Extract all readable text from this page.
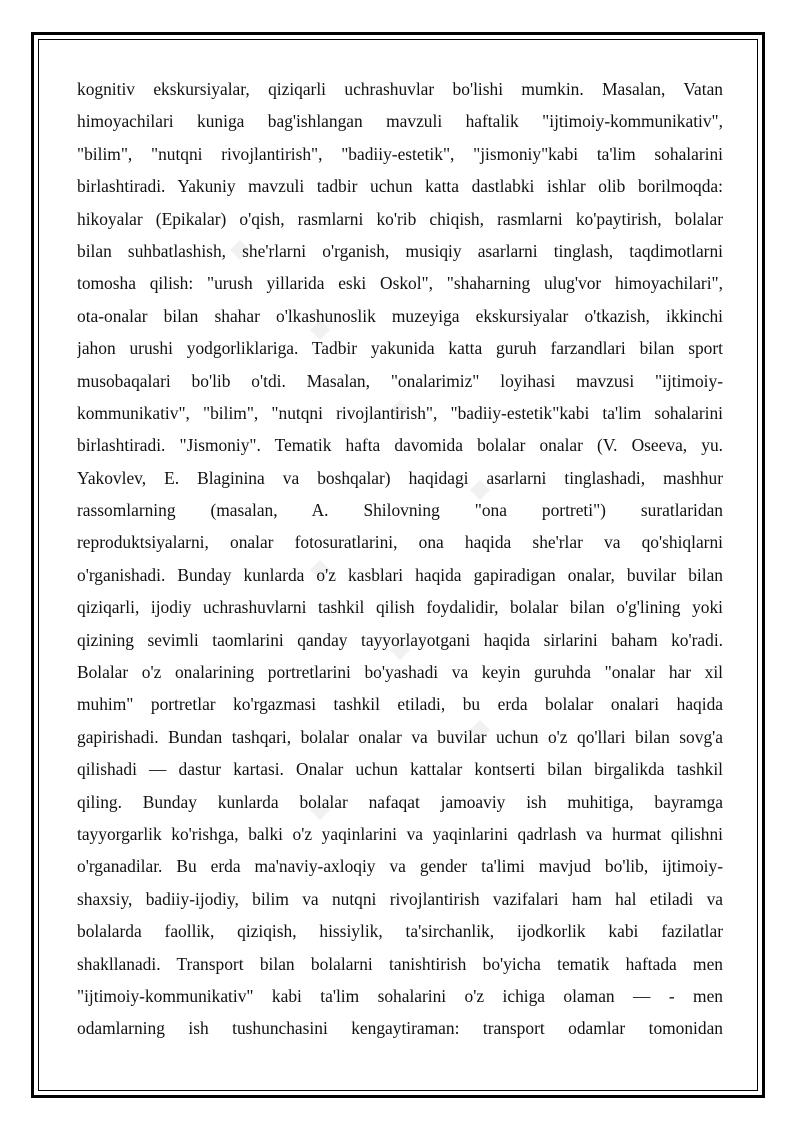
kognitiv ekskursiyalar, qiziqarli uchrashuvlar bo'lishi mumkin. Masalan, Vatan
himoyachilari kuniga bag'ishlangan mavzuli haftalik "ijtimoiy-kommunikativ",
"bilim", "nutqni rivojlantirish", "badiiy-estetik", "jismoniy"kabi ta'lim sohalarini
birlashtiradi. Yakuniy mavzuli tadbir uchun katta dastlabki ishlar olib borilmoqda:
hikoyalar (Epikalar) o'qish, rasmlarni ko'rib chiqish, rasmlarni ko'paytirish, bolalar
bilan suhbatlashish, she'rlarni o'rganish, musiqiy asarlarni tinglash, taqdimotlarni
tomosha qilish: "urush yillarida eski Oskol", "shaharning ulug'vor himoyachilari",
ota-onalar bilan shahar o'lkashunoslik muzeyiga ekskursiyalar o'tkazish, ikkinchi
jahon urushi yodgorliklariga. Tadbir yakunida katta guruh farzandlari bilan sport
musobaqalari bo'lib o'tdi. Masalan, "onalarimiz" loyihasi mavzusi "ijtimoiy-
kommunikativ", "bilim", "nutqni rivojlantirish", "badiiy-estetik"kabi ta'lim sohalarini
birlashtiradi. "Jismoniy". Tematik hafta davomida bolalar onalar (V. Oseeva, yu.
Yakovlev, E. Blaginina va boshqalar) haqidagi asarlarni tinglashadi, mashhur
rassomlarning (masalan, A. Shilovning "ona portreti") suratlaridan
reproduktsiyalarni, onalar fotosuratlarini, ona haqida she'rlar va qo'shiqlarni
o'rganishadi. Bunday kunlarda o'z kasblari haqida gapiradigan onalar, buvilar bilan
qiziqarli, ijodiy uchrashuvlarni tashkil qilish foydalidir, bolalar bilan o'g'lining yoki
qizining sevimli taomlarini qanday tayyorlayotgani haqida sirlarini baham ko'radi.
Bolalar o'z onalarining portretlarini bo'yashadi va keyin guruhda "onalar har xil
muhim" portretlar ko'rgazmasi tashkil etiladi, bu erda bolalar onalari haqida
gapirishadi. Bundan tashqari, bolalar onalar va buvilar uchun o'z qo'llari bilan sovg'a
qilishadi — dastur kartasi. Onalar uchun kattalar kontserti bilan birgalikda tashkil
qiling. Bunday kunlarda bolalar nafaqat jamoaviy ish muhitiga, bayramga
tayyorgarlik ko'rishga, balki o'z yaqinlarini va yaqinlarini qadrlash va hurmat qilishni
o'rganadilar. Bu erda ma'naviy-axloqiy va gender ta'limi mavjud bo'lib, ijtimoiy-
shaxsiy, badiiy-ijodiy, bilim va nutqni rivojlantirish vazifalari ham hal etiladi va
bolalarda faollik, qiziqish, hissiylik, ta'sirchanlik, ijodkorlik kabi fazilatlar
shakllanadi. Transport bilan bolalarni tanishtirish bo'yicha tematik haftada men
"ijtimoiy-kommunikativ" kabi ta'lim sohalarini o'z ichiga olaman — - men
odamlarning ish tushunchasini kengaytiraman: transport odamlar tomonidan
